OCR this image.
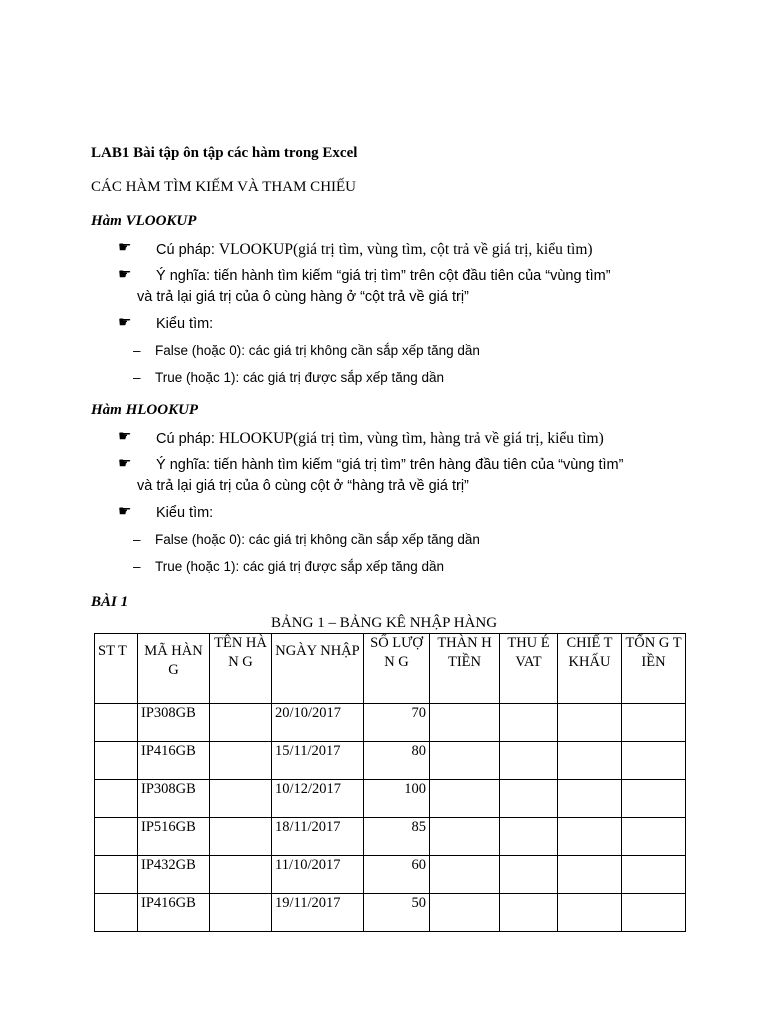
LAB1 Bài tập ôn tập các hàm trong Excel
CÁC HÀM TÌM KIẾM VÀ THAM CHIẾU
Hàm VLOOKUP
☛	Cú pháp: VLOOKUP(giá trị tìm, vùng tìm, cột trả về giá trị, kiểu tìm)
☛	Ý nghĩa: tiến hành tìm kiếm “giá trị tìm” trên cột đầu tiên của “vùng tìm”
và trả lại giá trị của ô cùng hàng ở “cột trả về giá trị”
☛	Kiểu tìm:
– False (hoặc 0): các giá trị không cần sắp xếp tăng dần
– True (hoặc 1): các giá trị được sắp xếp tăng dần
Hàm HLOOKUP
☛	Cú pháp: HLOOKUP(giá trị tìm, vùng tìm, hàng trả về giá trị, kiểu tìm)
☛	Ý nghĩa: tiến hành tìm kiếm “giá trị tìm” trên hàng đầu tiên của “vùng tìm”
và trả lại giá trị của ô cùng cột ở “hàng trả về giá trị”
☛	Kiểu tìm:
– False (hoặc 0): các giá trị không cần sắp xếp tăng dần
– True (hoặc 1): các giá trị được sắp xếp tăng dần
BÀI 1
BẢNG 1 – BẢNG KÊ NHẬP HÀNG
ST T	MÃ HÀNG	TÊN HÀN G	NGÀY NHẬP	SỐ LƯỢN G	THÀN H TIỀN	THU É VAT	CHIẾ T KHẤU	TỔN G TIỀN
	IP308GB		20/10/2017	70				
	IP416GB		15/11/2017	80				
	IP308GB		10/12/2017	100				
	IP516GB		18/11/2017	85				
	IP432GB		11/10/2017	60				
	IP416GB		19/11/2017	50				
